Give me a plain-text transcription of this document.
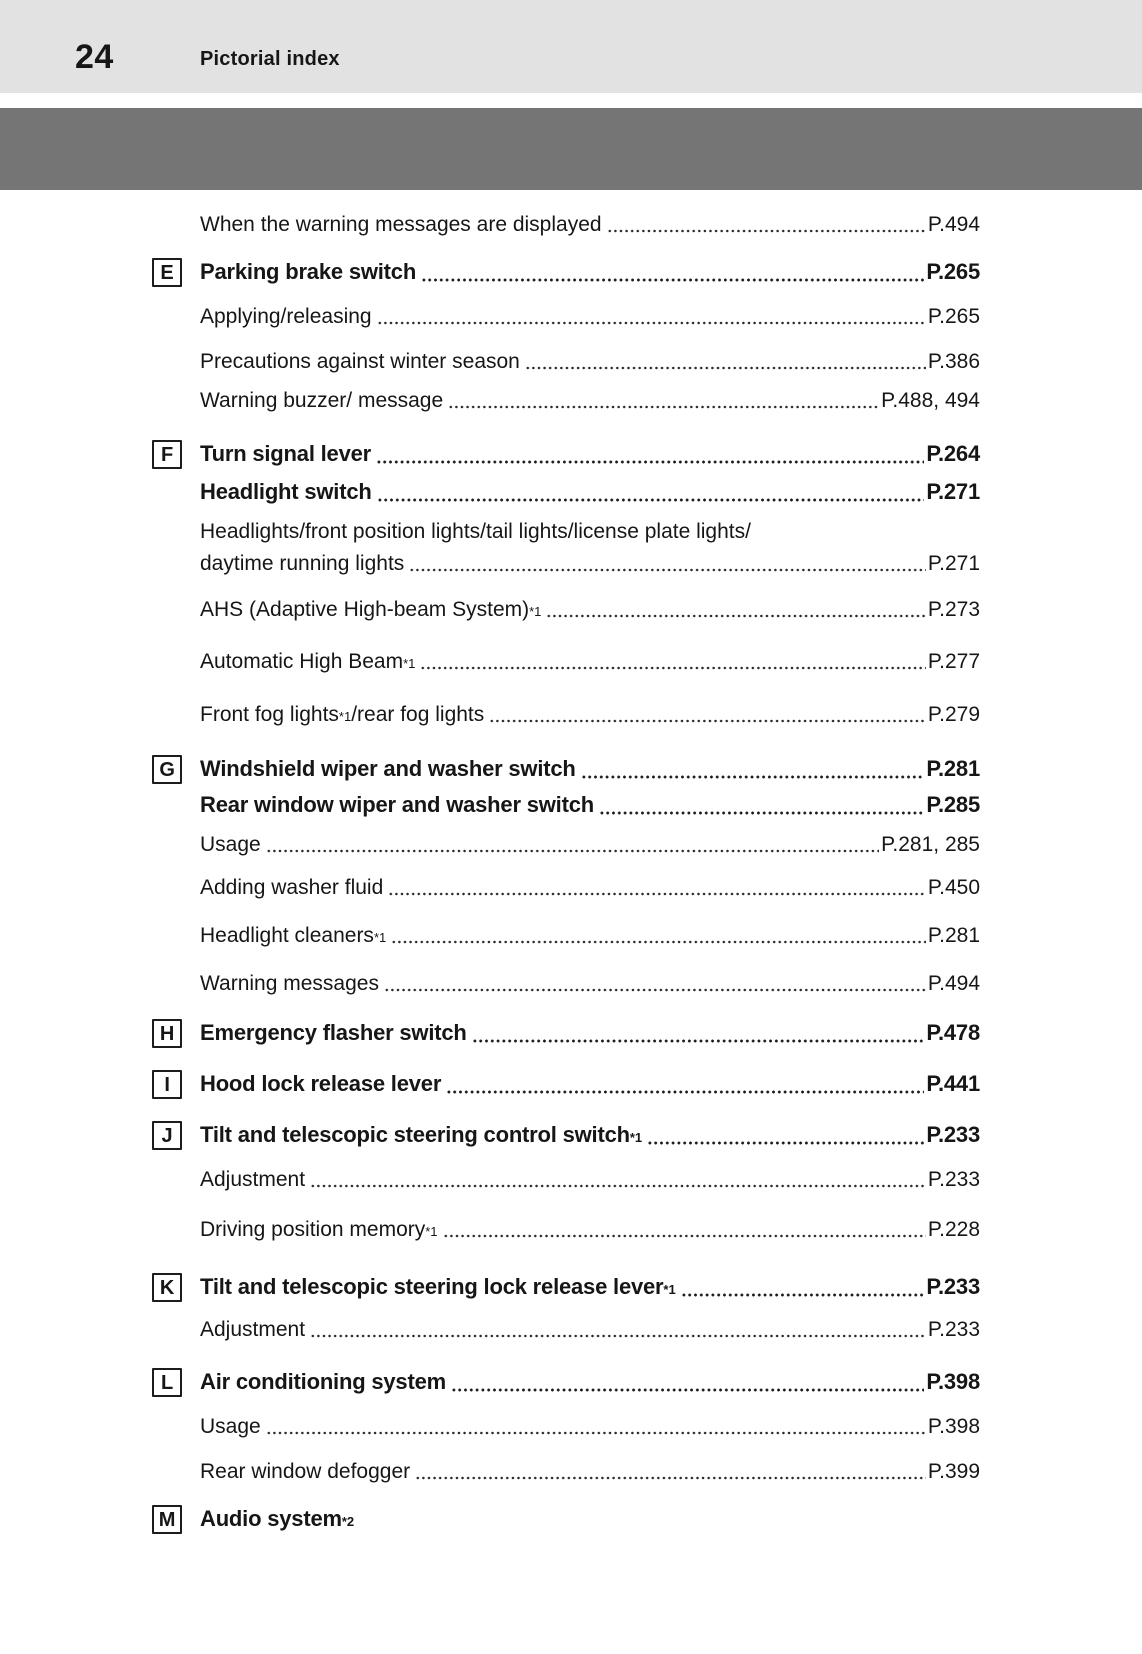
24	Pictorial index
When the warning messages are displayed	P.494
E	Parking brake switch	P.265
Applying/releasing	P.265
Precautions against winter season	P.386
Warning buzzer/ message	P.488, 494
F	Turn signal lever	P.264
Headlight switch	P.271
Headlights/front position lights/tail lights/license plate lights/
daytime running lights	P.271
AHS (Adaptive High-beam System) *1	P.273
Automatic High Beam *1	P.277
Front fog lights *1 /rear fog lights	P.279
G	Windshield wiper and washer switch	P.281
Rear window wiper and washer switch	P.285
Usage	P.281, 285
Adding washer fluid	P.450
Headlight cleaners *1	P.281
Warning messages	P.494
H	Emergency flasher switch	P.478
I	Hood lock release lever	P.441
J	Tilt and telescopic steering control switch *1	P.233
Adjustment	P.233
Driving position memory *1	P.228
K	Tilt and telescopic steering lock release lever *1	P.233
Adjustment	P.233
L	Air conditioning system	P.398
Usage	P.398
Rear window defogger	P.399
M	Audio system *2
